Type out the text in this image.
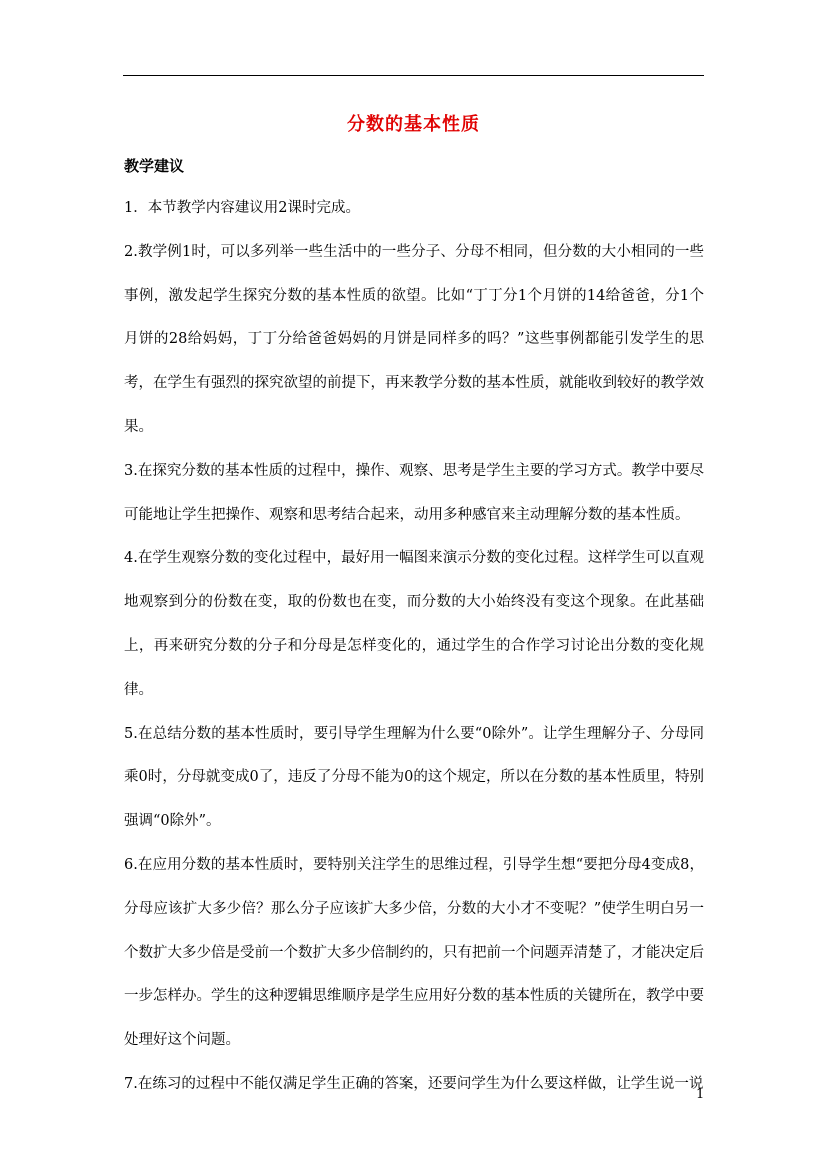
分数的基本性质
教学建议

1．本节教学内容建议用2课时完成。

2.教学例1时，可以多列举一些生活中的一些分子、分母不相同，但分数的大小相同的一些事例，激发起学生探究分数的基本性质的欲望。比如“丁丁分1个月饼的14给爸爸，分1个月饼的28给妈妈，丁丁分给爸爸妈妈的月饼是同样多的吗？”这些事例都能引发学生的思考，在学生有强烈的探究欲望的前提下，再来教学分数的基本性质，就能收到较好的教学效果。

3.在探究分数的基本性质的过程中，操作、观察、思考是学生主要的学习方式。教学中要尽可能地让学生把操作、观察和思考结合起来，动用多种感官来主动理解分数的基本性质。

4.在学生观察分数的变化过程中，最好用一幅图来演示分数的变化过程。这样学生可以直观地观察到分的份数在变，取的份数也在变，而分数的大小始终没有变这个现象。在此基础上，再来研究分数的分子和分母是怎样变化的，通过学生的合作学习讨论出分数的变化规律。

5.在总结分数的基本性质时，要引导学生理解为什么要“0除外”。让学生理解分子、分母同乘0时，分母就变成0了，违反了分母不能为0的这个规定，所以在分数的基本性质里，特别强调“0除外”。

6.在应用分数的基本性质时，要特别关注学生的思维过程，引导学生想“要把分母4变成8，分母应该扩大多少倍？那么分子应该扩大多少倍，分数的大小才不变呢？”使学生明白另一个数扩大多少倍是受前一个数扩大多少倍制约的，只有把前一个问题弄清楚了，才能决定后一步怎样办。学生的这种逻辑思维顺序是学生应用好分数的基本性质的关键所在，教学中要处理好这个问题。

7.在练习的过程中不能仅满足学生正确的答案，还要问学生为什么要这样做，让学生说一说

1
